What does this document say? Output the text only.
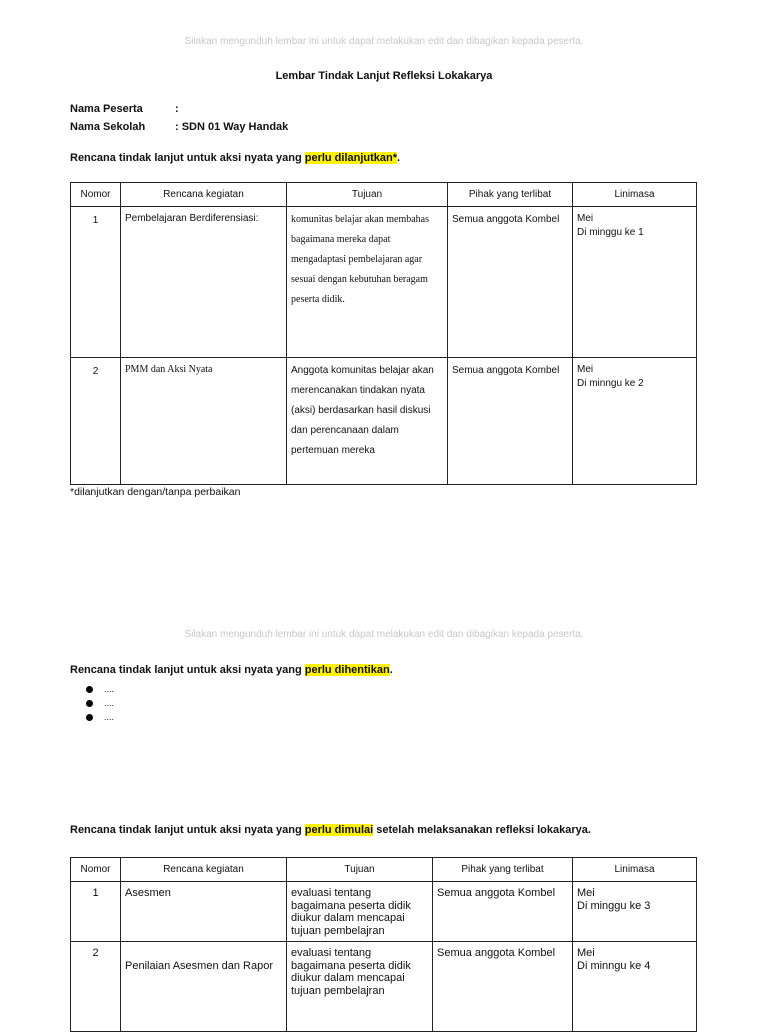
Silakan mengunduh lembar ini untuk dapat melakukan edit dan dibagikan kepada peserta.
Lembar Tindak Lanjut Refleksi Lokakarya
Nama Peserta	:
Nama Sekolah	: SDN 01 Way Handak
Rencana tindak lanjut untuk aksi nyata yang perlu dilanjutkan*.
Nomor	Rencana kegiatan	Tujuan	Pihak yang terlibat	Linimasa
1	Pembelajaran Berdiferensiasi:	komunitas belajar akan membahas bagaimana mereka dapat mengadaptasi pembelajaran agar sesuai dengan kebutuhan beragam peserta didik.	Semua anggota Kombel	Mei
Di minggu ke 1

2	PMM dan Aksi Nyata	Anggota komunitas belajar akan merencanakan tindakan nyata (aksi) berdasarkan hasil diskusi dan perencanaan dalam pertemuan mereka	Semua anggota Kombel	Mei
Di minngu ke 2
*dilanjutkan dengan/tanpa perbaikan
Silakan mengunduh lembar ini untuk dapat melakukan edit dan dibagikan kepada peserta.
Rencana tindak lanjut untuk aksi nyata yang perlu dihentikan.
....
....
....
Rencana tindak lanjut untuk aksi nyata yang perlu dimulai setelah melaksanakan refleksi lokakarya.
Nomor	Rencana kegiatan	Tujuan	Pihak yang terlibat	Linimasa
1	Asesmen	evaluasi tentang bagaimana peserta didik diukur dalam mencapai tujuan pembelajran	Semua anggota Kombel	Mei
Di minggu ke 3

2	Penilaian Asesmen dan Rapor	evaluasi tentang bagaimana peserta didik diukur dalam mencapai tujuan pembelajran	Semua anggota Kombel	Mei
Di minngu ke 4
